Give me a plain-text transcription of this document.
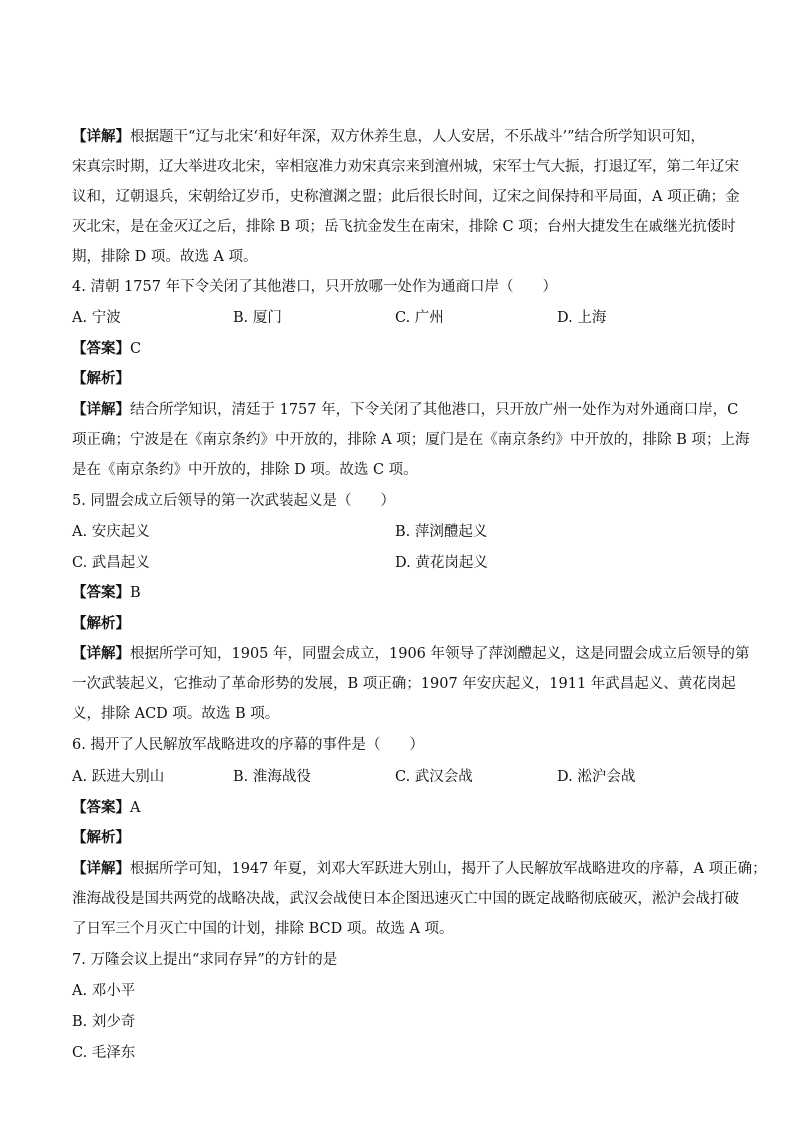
【详解】根据题干“辽与北宋‘和好年深，双方休养生息，人人安居，不乐战斗’”结合所学知识可知，
宋真宗时期，辽大举进攻北宋，宰相寇准力劝宋真宗来到澶州城，宋军士气大振，打退辽军，第二年辽宋
议和，辽朝退兵，宋朝给辽岁币，史称澶渊之盟；此后很长时间，辽宋之间保持和平局面，A 项正确；金
灭北宋，是在金灭辽之后，排除 B 项；岳飞抗金发生在南宋，排除 C 项；台州大捷发生在戚继光抗倭时
期，排除 D 项。故选 A 项。
4. 清朝 1757 年下令关闭了其他港口，只开放哪一处作为通商口岸（　　）
A. 宁波	B. 厦门	C. 广州	D. 上海
【答案】C
【解析】
【详解】结合所学知识，清廷于 1757 年，下令关闭了其他港口，只开放广州一处作为对外通商口岸，C
项正确；宁波是在《南京条约》中开放的，排除 A 项；厦门是在《南京条约》中开放的，排除 B 项；上海
是在《南京条约》中开放的，排除 D 项。故选 C 项。
5. 同盟会成立后领导的第一次武装起义是（　　）
A. 安庆起义	B. 萍浏醴起义
C. 武昌起义	D. 黄花岗起义
【答案】B
【解析】
【详解】根据所学可知，1905 年，同盟会成立，1906 年领导了萍浏醴起义，这是同盟会成立后领导的第
一次武装起义，它推动了革命形势的发展，B 项正确；1907 年安庆起义，1911 年武昌起义、黄花岗起
义，排除 ACD 项。故选 B 项。
6. 揭开了人民解放军战略进攻的序幕的事件是（　　）
A. 跃进大别山	B. 淮海战役	C. 武汉会战	D. 淞沪会战
【答案】A
【解析】
【详解】根据所学可知，1947 年夏，刘邓大军跃进大别山，揭开了人民解放军战略进攻的序幕，A 项正确；
淮海战役是国共两党的战略决战，武汉会战使日本企图迅速灭亡中国的既定战略彻底破灭，淞沪会战打破
了日军三个月灭亡中国的计划，排除 BCD 项。故选 A 项。
7. 万隆会议上提出“求同存异”的方针的是
A. 邓小平
B. 刘少奇
C. 毛泽东
